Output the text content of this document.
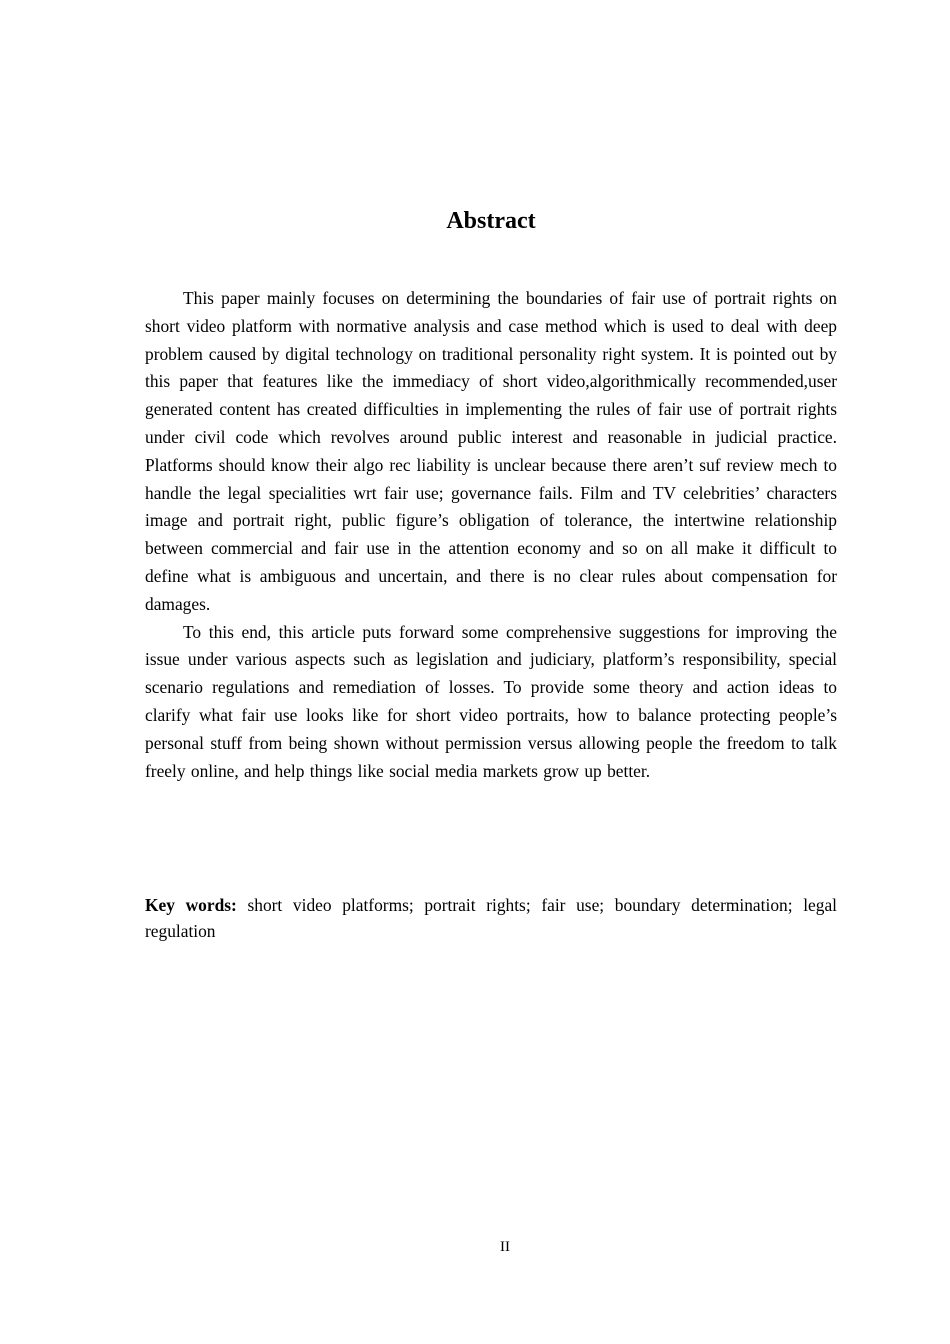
Abstract

This paper mainly focuses on determining the boundaries of fair use of portrait rights on short video platform with normative analysis and case method which is used to deal with deep problem caused by digital technology on traditional personality right system. It is pointed out by this paper that features like the immediacy of short video,algorithmically recommended,user generated content has created difficulties in implementing the rules of fair use of portrait rights under civil code which revolves around public interest and reasonable in judicial practice. Platforms should know their algo rec liability is unclear because there aren’t suf review mech to handle the legal specialities wrt fair use; governance fails. Film and TV celebrities’ characters image and portrait right, public figure’s obligation of tolerance, the intertwine relationship between commercial and fair use in the attention economy and so on all make it difficult to define what is ambiguous and uncertain, and there is no clear rules about compensation for damages.

To this end, this article puts forward some comprehensive suggestions for improving the issue under various aspects such as legislation and judiciary, platform’s responsibility, special scenario regulations and remediation of losses. To provide some theory and action ideas to clarify what fair use looks like for short video portraits, how to balance protecting people’s personal stuff from being shown without permission versus allowing people the freedom to talk freely online, and help things like social media markets grow up better.

Key words: short video platforms; portrait rights; fair use; boundary determination; legal regulation

II
